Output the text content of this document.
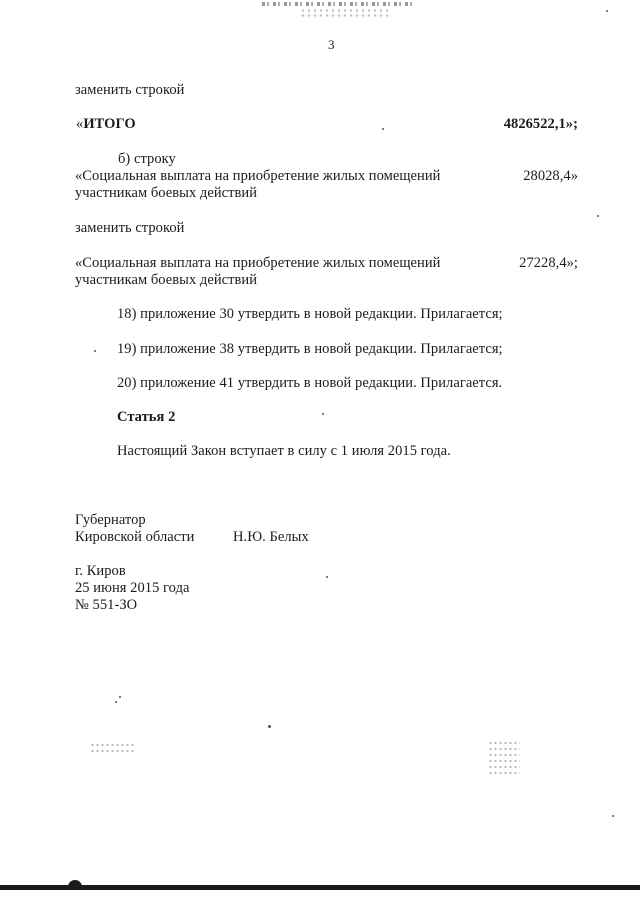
3
заменить строкой
«ИТОГО	4826522,1»;
б) строку
«Социальная выплата на приобретение жилых помещений	28028,4»
участникам боевых действий
заменить строкой
«Социальная выплата на приобретение жилых помещений	27228,4»;
участникам боевых действий
18) приложение 30 утвердить в новой редакции. Прилагается;
19) приложение 38 утвердить в новой редакции. Прилагается;
20) приложение 41 утвердить в новой редакции. Прилагается.
Статья 2
Настоящий Закон вступает в силу с 1 июля 2015 года.
Губернатор
Кировской области	Н.Ю. Белых
г. Киров
25 июня 2015 года
№ 551-ЗО
